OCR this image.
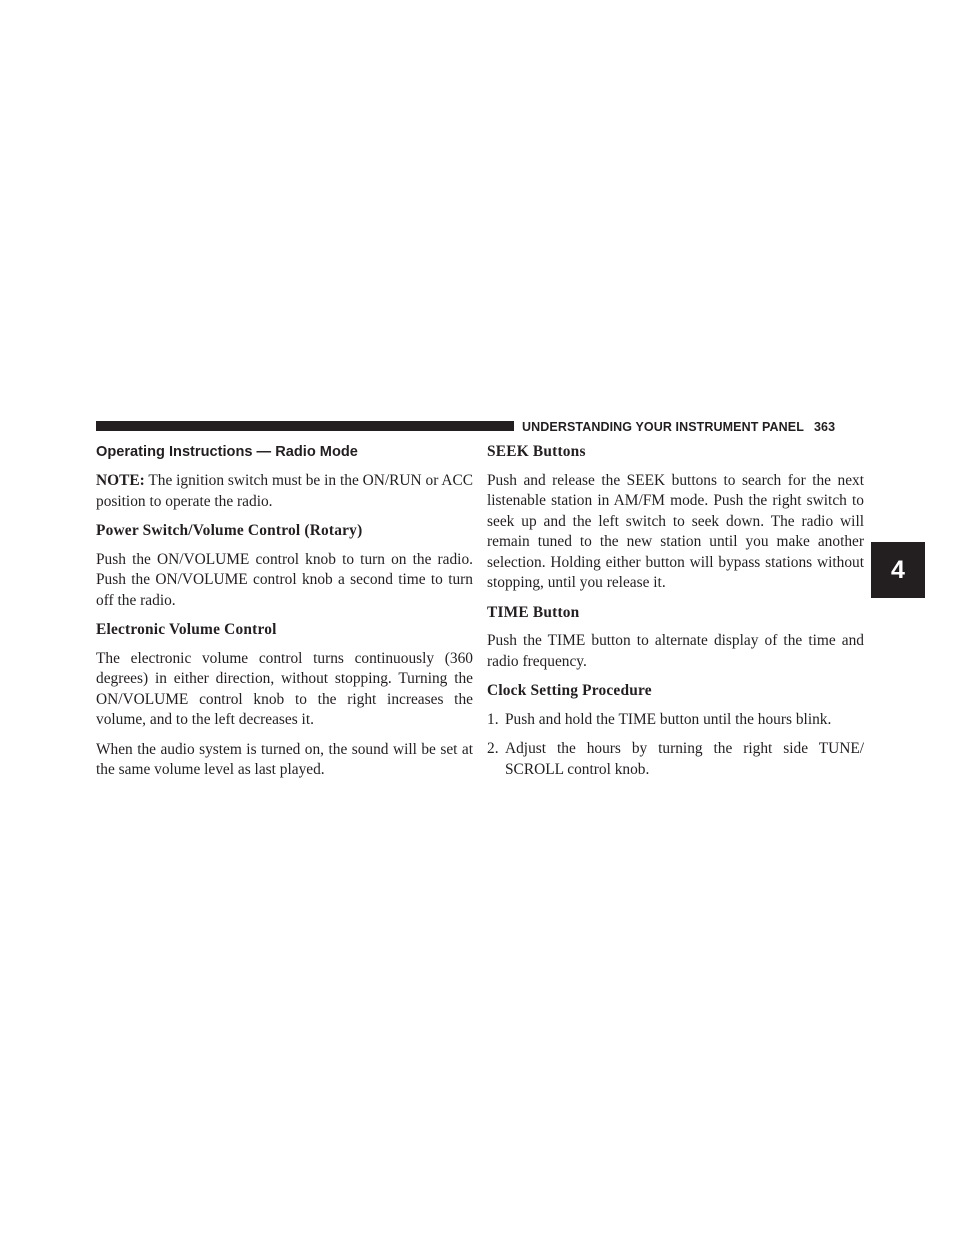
UNDERSTANDING YOUR INSTRUMENT PANEL 363
4
Operating Instructions — Radio Mode

NOTE: The ignition switch must be in the ON/RUN or ACC position to operate the radio.

Power Switch/Volume Control (Rotary)

Push the ON/VOLUME control knob to turn on the radio. Push the ON/VOLUME control knob a second time to turn off the radio.

Electronic Volume Control

The electronic volume control turns continuously (360 degrees) in either direction, without stopping. Turning the ON/VOLUME control knob to the right increases the volume, and to the left decreases it.

When the audio system is turned on, the sound will be set at the same volume level as last played.

SEEK Buttons

Push and release the SEEK buttons to search for the next listenable station in AM/FM mode. Push the right switch to seek up and the left switch to seek down. The radio will remain tuned to the new station until you make another selection. Holding either button will bypass stations without stopping, until you release it.

TIME Button

Push the TIME button to alternate display of the time and radio frequency.

Clock Setting Procedure
1. Push and hold the TIME button until the hours blink.
2. Adjust the hours by turning the right side TUNE/ SCROLL control knob.
